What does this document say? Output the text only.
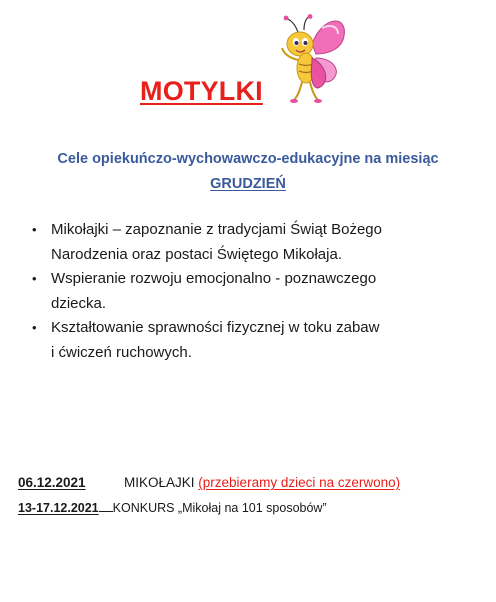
MOTYLKI

Cele opiekuńczo-wychowawczo-edukacyjne na miesiąc

GRUDZIEŃ

• Mikołajki – zapoznanie z tradycjami Świąt Bożego
Narodzenia oraz postaci Świętego Mikołaja.
• Wspieranie rozwoju emocjonalno - poznawczego
dziecka.
• Kształtowanie sprawności fizycznej w toku zabaw
i ćwiczeń ruchowych.
06.12.2021	MIKOŁAJKI (przebieramy dzieci na czerwono)
13-17.12.2021 KONKURS „Mikołaj na 101 sposobów”
